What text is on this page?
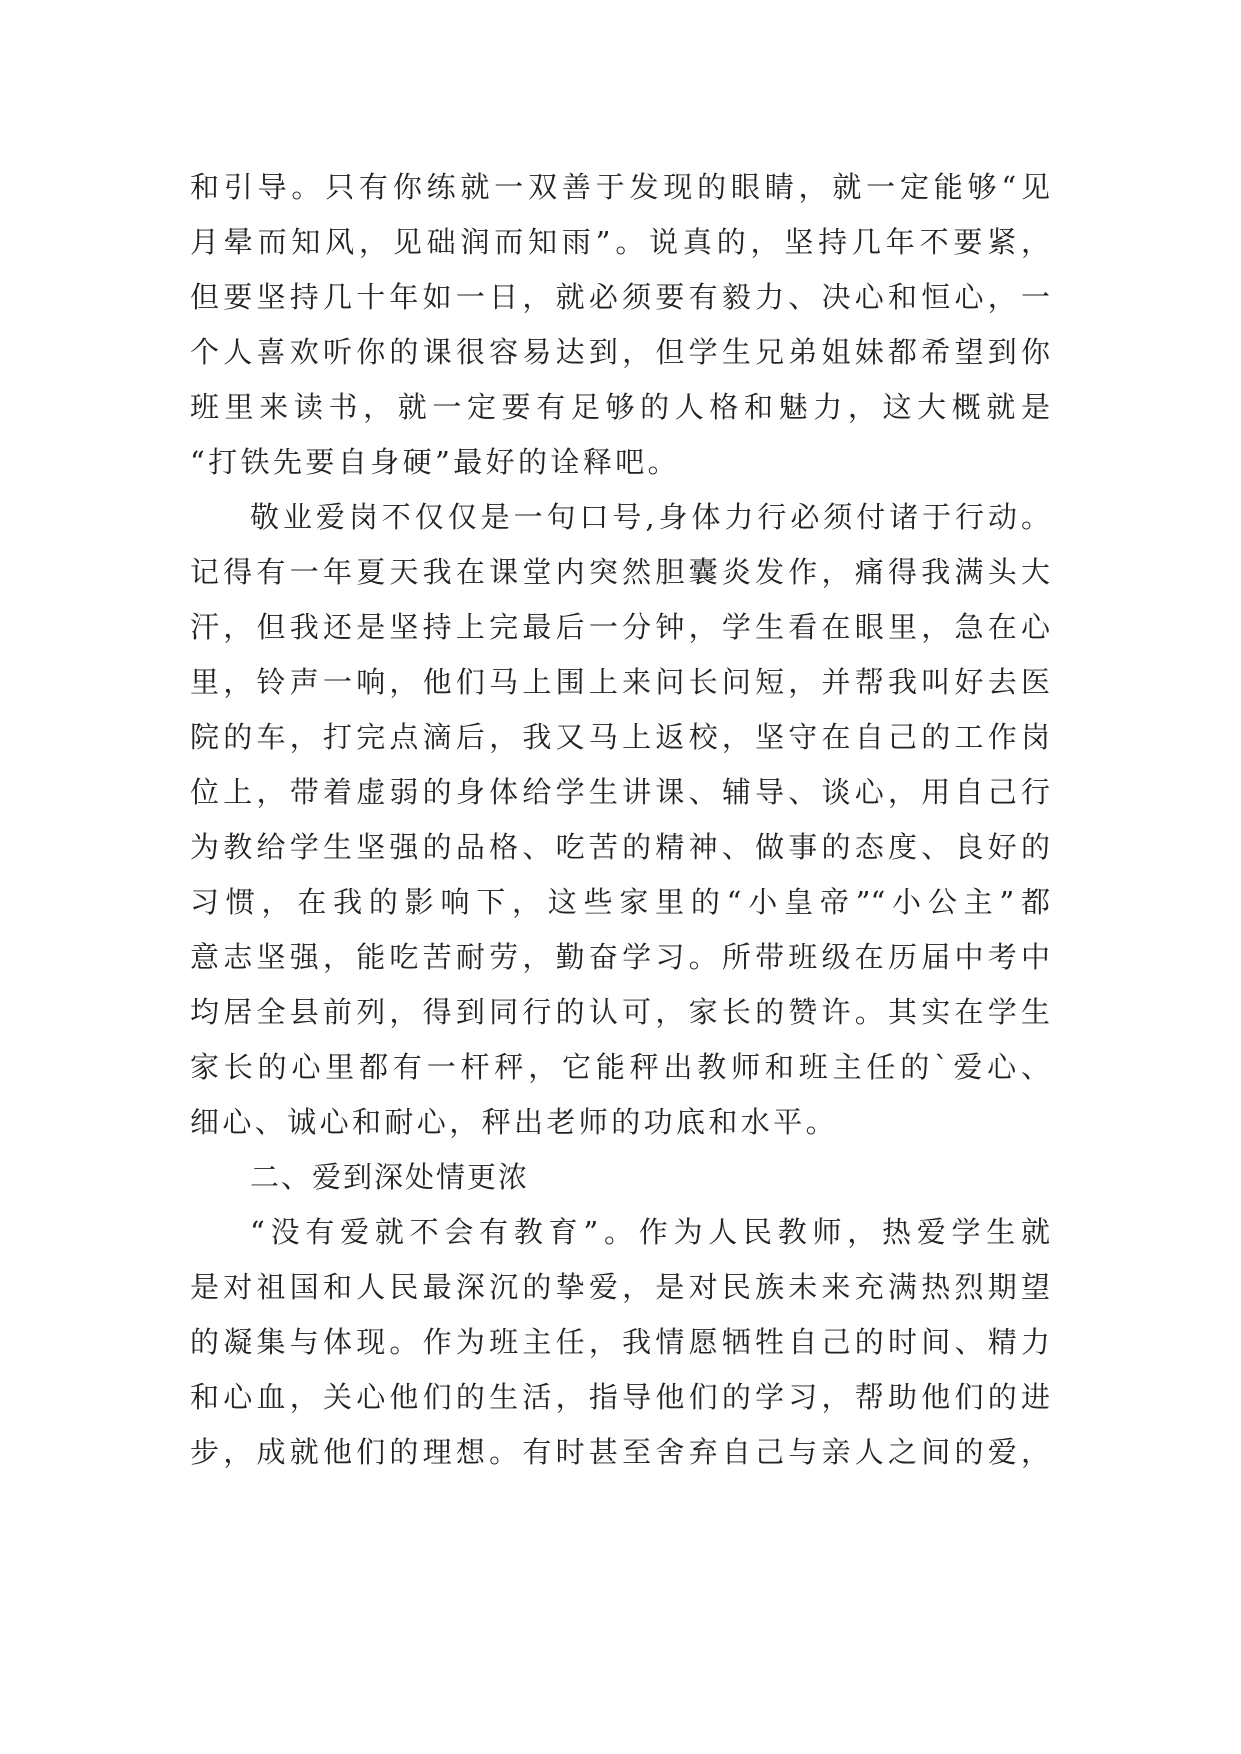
和引导。只有你练就一双善于发现的眼睛，就一定能够“见
月晕而知风，见础润而知雨”。说真的，坚持几年不要紧，
但要坚持几十年如一日，就必须要有毅力、决心和恒心，一
个人喜欢听你的课很容易达到，但学生兄弟姐妹都希望到你
班里来读书，就一定要有足够的人格和魅力，这大概就是
“打铁先要自身硬”最好的诠释吧。
敬业爱岗不仅仅是一句口号,身体力行必须付诸于行动。
记得有一年夏天我在课堂内突然胆囊炎发作，痛得我满头大
汗，但我还是坚持上完最后一分钟，学生看在眼里，急在心
里，铃声一响，他们马上围上来问长问短，并帮我叫好去医
院的车，打完点滴后，我又马上返校，坚守在自己的工作岗
位上，带着虚弱的身体给学生讲课、辅导、谈心，用自己行
为教给学生坚强的品格、吃苦的精神、做事的态度、良好的
习惯，在我的影响下，这些家里的“小皇帝”“小公主”都
意志坚强，能吃苦耐劳，勤奋学习。所带班级在历届中考中
均居全县前列，得到同行的认可，家长的赞许。其实在学生
家长的心里都有一杆秤，它能秤出教师和班主任的`爱心、
细心、诚心和耐心，秤出老师的功底和水平。
二、爱到深处情更浓
“没有爱就不会有教育”。作为人民教师，热爱学生就
是对祖国和人民最深沉的挚爱，是对民族未来充满热烈期望
的凝集与体现。作为班主任，我情愿牺牲自己的时间、精力
和心血，关心他们的生活，指导他们的学习，帮助他们的进
步，成就他们的理想。有时甚至舍弃自己与亲人之间的爱，
